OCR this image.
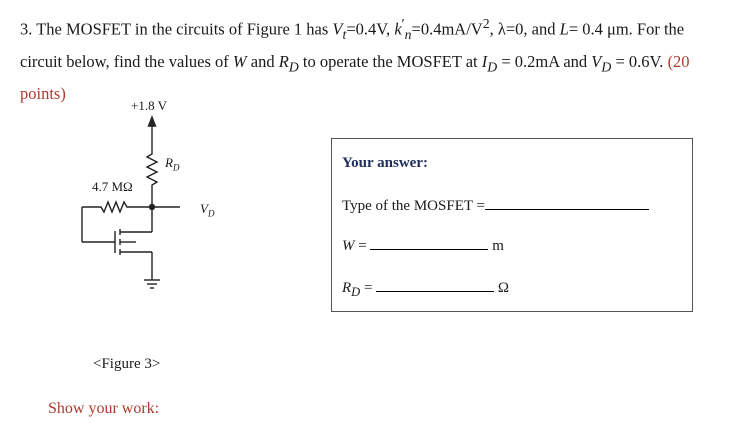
3. The MOSFET in the circuits of Figure 1 has $V_t=0.4V$, $k'_n=0.4mA/V^2$, λ=0, and L= 0.4 μm. For the circuit below, find the values of W and $R_D$ to operate the MOSFET at $I_D = 0.2mA$ and $V_D = 0.6V$. (20 points)
+1.8 V
$R_D$
4.7 MΩ
$V_D$
<Figure 3>
Show your work:
Your answer:
Type of the MOSFET =
W =	m
$R_D$ =	Ω
